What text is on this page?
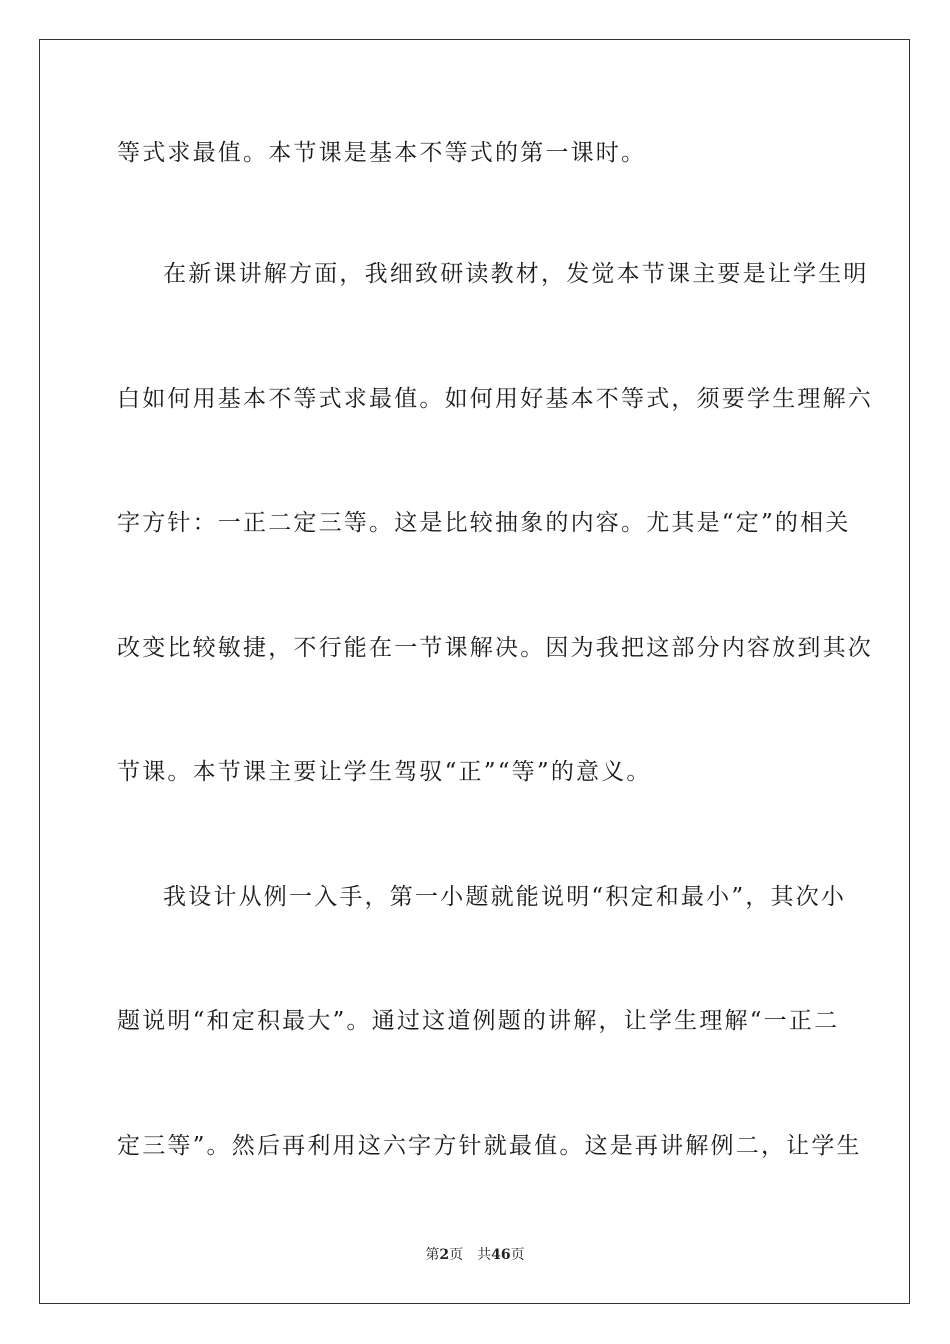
等式求最值。本节课是基本不等式的第一课时。
在新课讲解方面，我细致研读教材，发觉本节课主要是让学生明
白如何用基本不等式求最值。如何用好基本不等式，须要学生理解六
字方针：一正二定三等。这是比较抽象的内容。尤其是“定”的相关
改变比较敏捷，不行能在一节课解决。因为我把这部分内容放到其次
节课。本节课主要让学生驾驭“正”“等”的意义。
我设计从例一入手，第一小题就能说明“积定和最小”，其次小
题说明“和定积最大”。通过这道例题的讲解，让学生理解“一正二
定三等”。然后再利用这六字方针就最值。这是再讲解例二，让学生
第2页 共46页
